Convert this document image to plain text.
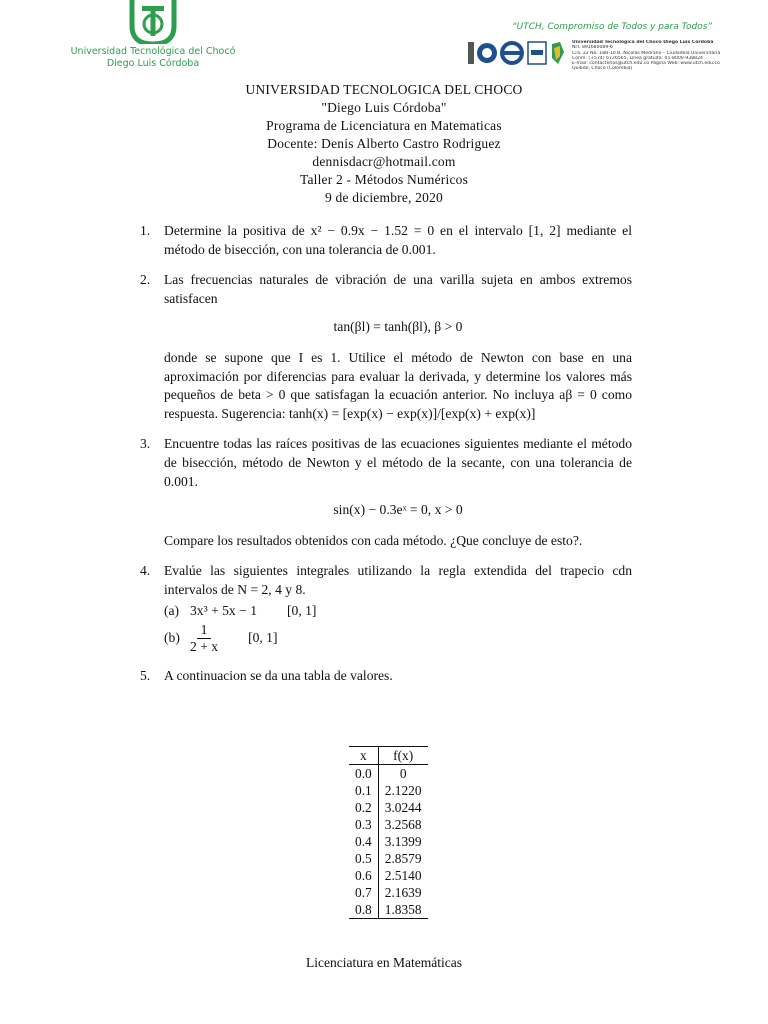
Universidad Tecnológica del Chocó
Diego Luis Córdoba
“UTCH, Compromiso de Todos y para Todos”
Universidad Tecnológica del Chocó Diego Luis Córdoba
NIT. 891680089-6
Cra. 22 No. 18B-10 B. Nicolás Medrano – Ciudadela Universitaria
Conm: (+574) 6726565, Línea gratuita: 01-8000-938824
E-mail: contactenos@utch.edu.co Página Web: www.utch.edu.co
Quibdó, Chocó (Colombia)
UNIVERSIDAD TECNOLOGICA DEL CHOCO
"Diego Luis Córdoba"
Programa de Licenciatura en Matematicas
Docente: Denis Alberto Castro Rodriguez
dennisdacr@hotmail.com
Taller 2 - Métodos Numéricos
9 de diciembre, 2020
1. Determine la positiva de x² − 0.9x − 1.52 = 0 en el intervalo [1, 2] mediante el método de bisección, con una tolerancia de 0.001.
2. Las frecuencias naturales de vibración de una varilla sujeta en ambos extremos satisfacen
tan(βl) = tanh(βl), β > 0
donde se supone que I es 1. Utilice el método de Newton con base en una aproximación por diferencias para evaluar la derivada, y determine los valores más pequeños de beta > 0 que satisfagan la ecuación anterior. No incluya aβ = 0 como respuesta. Sugerencia: tanh(x) = [exp(x) − exp(x)]/[exp(x) + exp(x)]
3. Encuentre todas las raíces positivas de las ecuaciones siguientes mediante el método de bisección, método de Newton y el método de la secante, con una tolerancia de 0.001.
sin(x) − 0.3eˣ = 0, x > 0
Compare los resultados obtenidos con cada método. ¿Que concluye de esto?.
4. Evalúe las siguientes integrales utilizando la regla extendida del trapecio cdn intervalos de N = 2, 4 y 8.
(a) 3x³ + 5x − 1 [0, 1]
$(b) \frac{1}{2 + x} [0$, 1]
5. A continuacion se da una tabla de valores.
x	f(x)
0.0	0
0.1	2.1220
0.2	3.0244
0.3	3.2568
0.4	3.1399
0.5	2.8579
0.6	2.5140
0.7	2.1639
0.8	1.8358
Licenciatura en Matemáticas
